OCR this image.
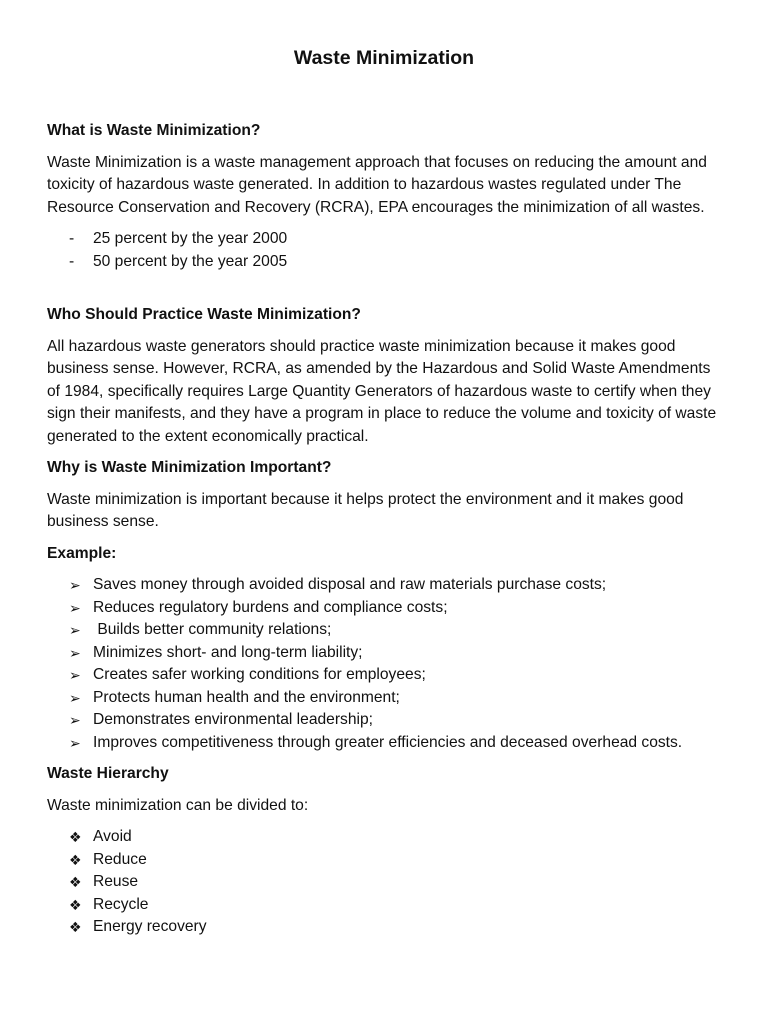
Waste Minimization
What is Waste Minimization?

Waste Minimization is a waste management approach that focuses on reducing the amount and toxicity of hazardous waste generated. In addition to hazardous wastes regulated under The Resource Conservation and Recovery (RCRA), EPA encourages the minimization of all wastes.

-	25 percent by the year 2000
-	50 percent by the year 2005
Who Should Practice Waste Minimization?

All hazardous waste generators should practice waste minimization because it makes good business sense. However, RCRA, as amended by the Hazardous and Solid Waste Amendments of 1984, specifically requires Large Quantity Generators of hazardous waste to certify when they sign their manifests, and they have a program in place to reduce the volume and toxicity of waste generated to the extent economically practical.

Why is Waste Minimization Important?

Waste minimization is important because it helps protect the environment and it makes good business sense.

Example:
➢ Saves money through avoided disposal and raw materials purchase costs;
➢ Reduces regulatory burdens and compliance costs;
➢ Builds better community relations;
➢ Minimizes short- and long-term liability;
➢ Creates safer working conditions for employees;
➢ Protects human health and the environment;
➢ Demonstrates environmental leadership;
➢ Improves competitiveness through greater efficiencies and deceased overhead costs.
Waste Hierarchy

Waste minimization can be divided to:

❖ Avoid
❖ Reduce
❖ Reuse
❖ Recycle
❖ Energy recovery
